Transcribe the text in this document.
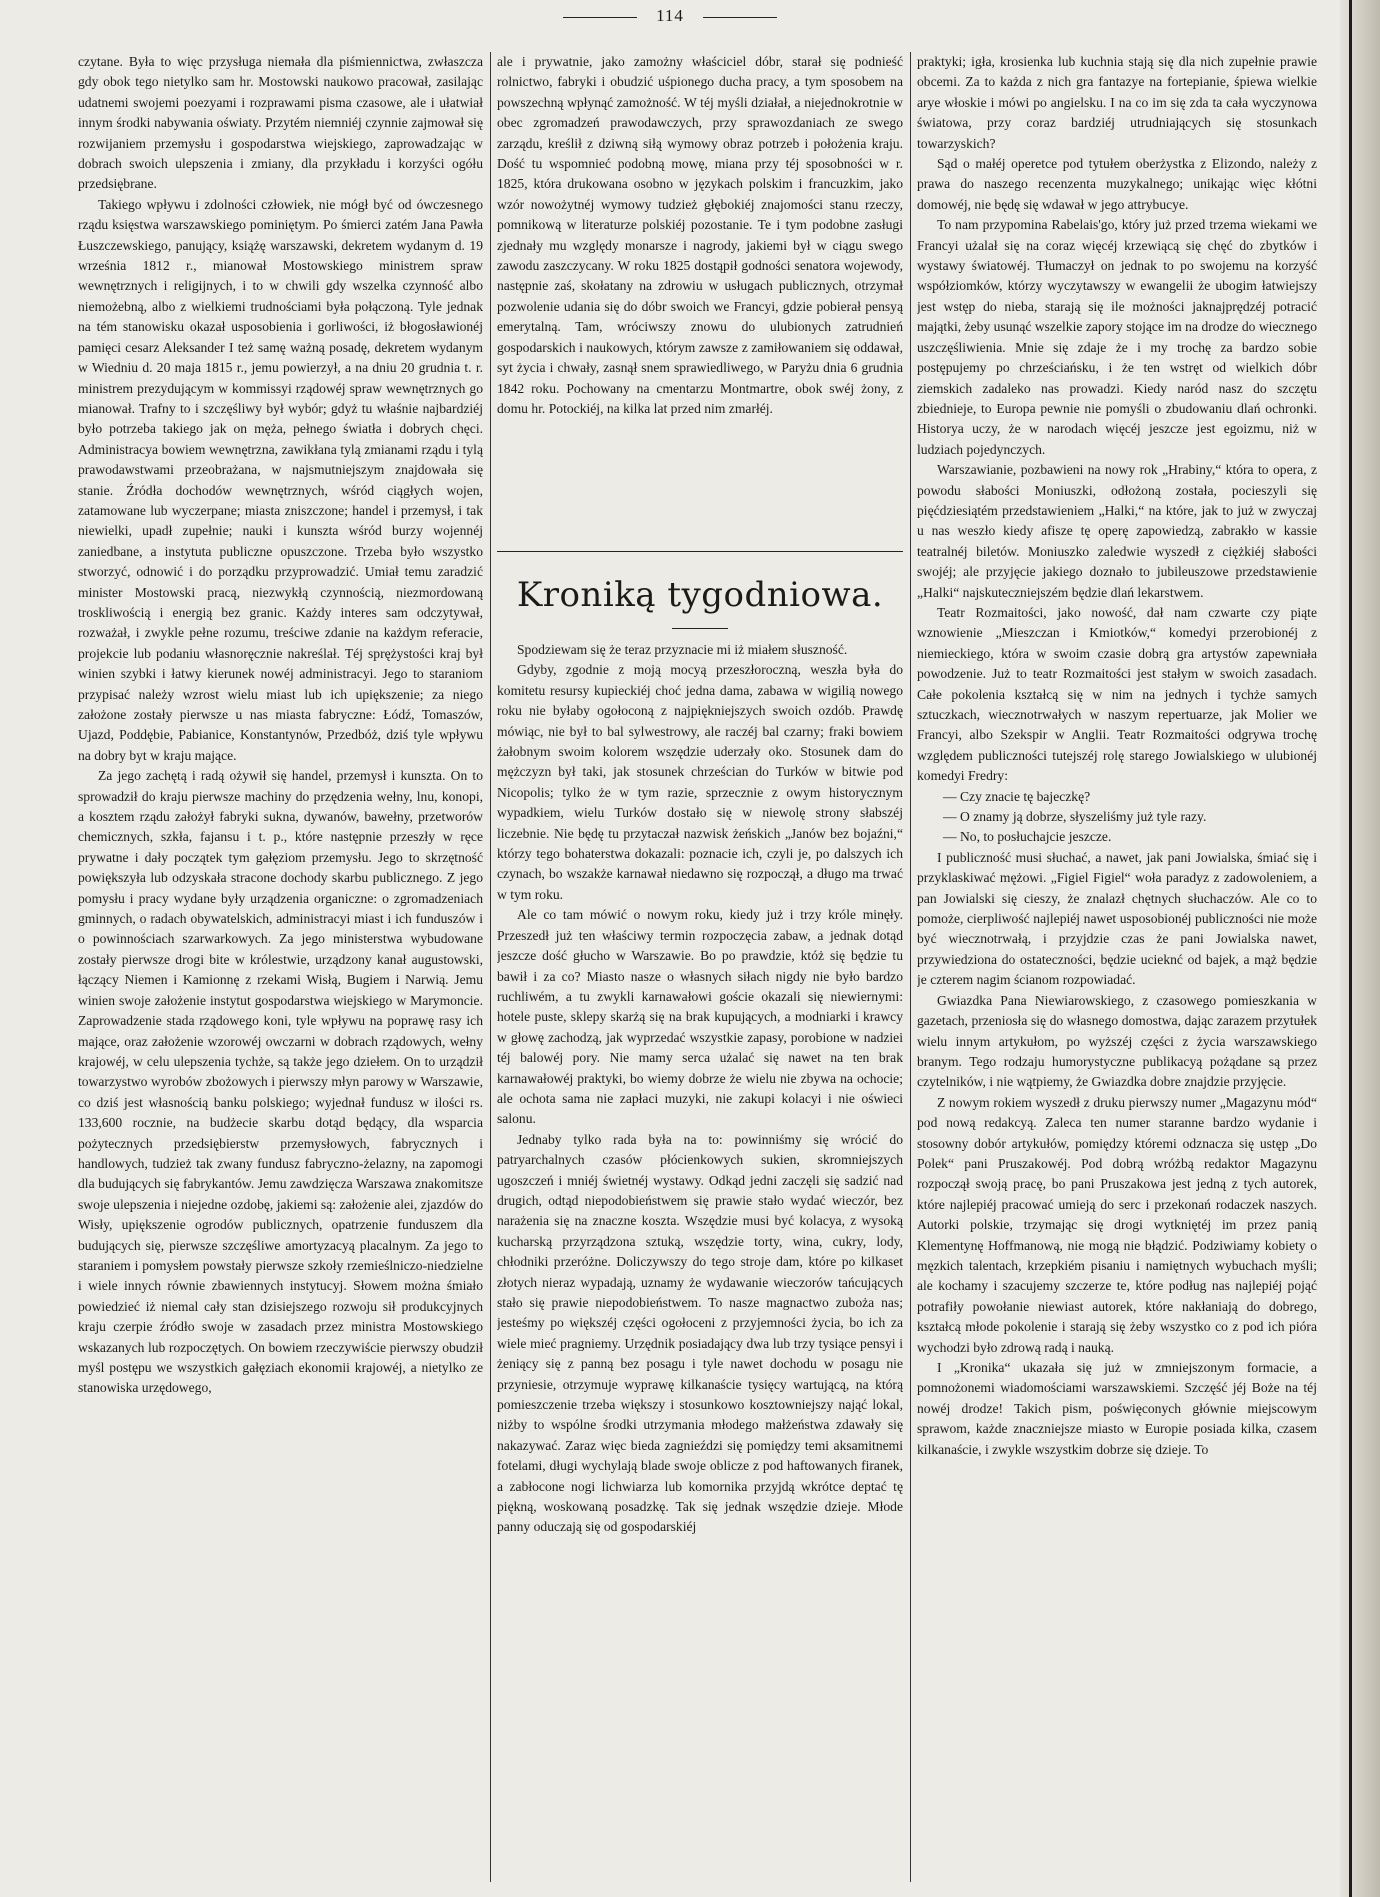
114

czytane. Była to więc przysługa niemała dla piśmiennictwa, zwłaszcza gdy obok tego nietylko sam hr. Mostowski naukowo pracował, zasilając udatnemi swojemi poezyami i rozprawami pisma czasowe, ale i ułatwiał innym środki nabywania oświaty. Przytém niemniéj czynnie zajmował się rozwijaniem przemysłu i gospodarstwa wiejskiego, zaprowadzając w dobrach swoich ulepszenia i zmiany, dla przykładu i korzyści ogółu przedsiębrane.

Takiego wpływu i zdolności człowiek, nie mógł być od ówczesnego rządu księstwa warszawskiego pominiętym. Po śmierci zatém Jana Pawła Łuszczewskiego, panujący, książę warszawski, dekretem wydanym d. 19 września 1812 r., mianował Mostowskiego ministrem spraw wewnętrznych i religijnych, i to w chwili gdy wszelka czynność albo niemożebną, albo z wielkiemi trudnościami była połączoną. Tyle jednak na tém stanowisku okazał usposobienia i gorliwości, iż błogosławionéj pamięci cesarz Aleksander I też samę ważną posadę, dekretem wydanym w Wiedniu d. 20 maja 1815 r., jemu powierzył, a na dniu 20 grudnia t. r. ministrem prezydującym w kommissyi rządowéj spraw wewnętrznych go mianował. Trafny to i szczęśliwy był wybór; gdyż tu właśnie najbardziéj było potrzeba takiego jak on męża, pełnego światła i dobrych chęci. Administracya bowiem wewnętrzna, zawikłana tylą zmianami rządu i tylą prawodawstwami przeobrażana, w najsmutniejszym znajdowała się stanie. Źródła dochodów wewnętrznych, wśród ciągłych wojen, zatamowane lub wyczerpane; miasta zniszczone; handel i przemysł, i tak niewielki, upadł zupełnie; nauki i kunszta wśród burzy wojennéj zaniedbane, a instytuta publiczne opuszczone. Trzeba było wszystko stworzyć, odnowić i do porządku przyprowadzić. Umiał temu zaradzić minister Mostowski pracą, niezwykłą czynnością, niezmordowaną troskliwością i energią bez granic. Każdy interes sam odczytywał, rozważał, i zwykle pełne rozumu, treściwe zdanie na każdym referacie, projekcie lub podaniu własnoręcznie nakreślał. Téj sprężystości kraj był winien szybki i łatwy kierunek nowéj administracyi. Jego to staraniom przypisać należy wzrost wielu miast lub ich upiększenie; za niego założone zostały pierwsze u nas miasta fabryczne: Łódź, Tomaszów, Ujazd, Poddębie, Pabianice, Konstantynów, Przedbóż, dziś tyle wpływu na dobry byt w kraju mające.

Za jego zachętą i radą ożywił się handel, przemysł i kunszta. On to sprowadził do kraju pierwsze machiny do przędzenia wełny, lnu, konopi, a kosztem rządu założył fabryki sukna, dywanów, bawełny, przetworów chemicznych, szkła, fajansu i t. p., które następnie przeszły w ręce prywatne i dały początek tym gałęziom przemysłu. Jego to skrzętność powiększyła lub odzyskała stracone dochody skarbu publicznego. Z jego pomysłu i pracy wydane były urządzenia organiczne: o zgromadzeniach gminnych, o radach obywatelskich, administracyi miast i ich funduszów i o powinnościach szarwarkowych. Za jego ministerstwa wybudowane zostały pierwsze drogi bite w królestwie, urządzony kanał augustowski, łączący Niemen i Kamionnę z rzekami Wisłą, Bugiem i Narwią. Jemu winien swoje założenie instytut gospodarstwa wiejskiego w Marymoncie. Zaprowadzenie stada rządowego koni, tyle wpływu na poprawę rasy ich mające, oraz założenie wzorowéj owczarni w dobrach rządowych, wełny krajowéj, w celu ulepszenia tychże, są także jego dziełem. On to urządził towarzystwo wyrobów zbożowych i pierwszy młyn parowy w Warszawie, co dziś jest własnością banku polskiego; wyjednał fundusz w ilości rs. 133,600 rocznie, na budżecie skarbu dotąd będący, dla wsparcia pożytecznych przedsiębierstw przemysłowych, fabrycznych i handlowych, tudzież tak zwany fundusz fabryczno-żelazny, na zapomogi dla budujących się fabrykantów. Jemu zawdzięcza Warszawa znakomitsze swoje ulepszenia i niejedne ozdobę, jakiemi są: założenie alei, zjazdów do Wisły, upiększenie ogrodów publicznych, opatrzenie funduszem dla budujących się, pierwsze szczęśliwe amortyzacyą placalnym. Za jego to staraniem i pomysłem powstały pierwsze szkoły rzemieślniczo-niedzielne i wiele innych równie zbawiennych instytucyj. Słowem można śmiało powiedzieć iż niemal cały stan dzisiejszego rozwoju sił produkcyjnych kraju czerpie źródło swoje w zasadach przez ministra Mostowskiego wskazanych lub rozpoczętych. On bowiem rzeczywiście pierwszy obudził myśl postępu we wszystkich gałęziach ekonomii krajowéj, a nietylko ze stanowiska urzędowego,

ale i prywatnie, jako zamożny właściciel dóbr, starał się podnieść rolnictwo, fabryki i obudzić uśpionego ducha pracy, a tym sposobem na powszechną wpłynąć zamożność. W téj myśli działał, a niejednokrotnie w obec zgromadzeń prawodawczych, przy sprawozdaniach ze swego zarządu, kreślił z dziwną siłą wymowy obraz potrzeb i położenia kraju. Dość tu wspomnieć podobną mowę, miana przy téj sposobności w r. 1825, która drukowana osobno w językach polskim i francuzkim, jako wzór nowożytnéj wymowy tudzież głębokiéj znajomości stanu rzeczy, pomnikową w literaturze polskiéj pozostanie. Te i tym podobne zasługi zjednały mu względy monarsze i nagrody, jakiemi był w ciągu swego zawodu zaszczycany. W roku 1825 dostąpił godności senatora wojewody, następnie zaś, skołatany na zdrowiu w usługach publicznych, otrzymał pozwolenie udania się do dóbr swoich we Francyi, gdzie pobierał pensyą emerytalną. Tam, wróciwszy znowu do ulubionych zatrudnień gospodarskich i naukowych, którym zawsze z zamiłowaniem się oddawał, syt życia i chwały, zasnął snem sprawiedliwego, w Paryżu dnia 6 grudnia 1842 roku. Pochowany na cmentarzu Montmartre, obok swéj żony, z domu hr. Potockiéj, na kilka lat przed nim zmarłéj.

Kroniką tygodniowa.

Spodziewam się że teraz przyznacie mi iż miałem słuszność.

Gdyby, zgodnie z moją mocyą przeszłoroczną, weszła była do komitetu resursy kupieckiéj choć jedna dama, zabawa w wigilią nowego roku nie byłaby ogołoconą z najpiękniejszych swoich ozdób. Prawdę mówiąc, nie był to bal sylwestrowy, ale raczéj bal czarny; fraki bowiem żałobnym swoim kolorem wszędzie uderzały oko. Stosunek dam do mężczyzn był taki, jak stosunek chrześcian do Turków w bitwie pod Nicopolis; tylko że w tym razie, sprzecznie z owym historycznym wypadkiem, wielu Turków dostało się w niewolę strony słabszéj liczebnie. Nie będę tu przytaczał nazwisk żeńskich „Janów bez bojaźni,“ którzy tego bohaterstwa dokazali: poznacie ich, czyli je, po dalszych ich czynach, bo wszakże karnawał niedawno się rozpoczął, a długo ma trwać w tym roku.

Ale co tam mówić o nowym roku, kiedy już i trzy króle minęły. Przeszedł już ten właściwy termin rozpoczęcia zabaw, a jednak dotąd jeszcze dość głucho w Warszawie. Bo po prawdzie, któż się będzie tu bawił i za co? Miasto nasze o własnych siłach nigdy nie było bardzo ruchliwém, a tu zwykli karnawałowi goście okazali się niewiernymi: hotele puste, sklepy skarżą się na brak kupujących, a modniarki i krawcy w głowę zachodzą, jak wyprzedać wszystkie zapasy, porobione w nadziei téj balowéj pory. Nie mamy serca użalać się nawet na ten brak karnawałowéj praktyki, bo wiemy dobrze że wielu nie zbywa na ochocie; ale ochota sama nie zapłaci muzyki, nie zakupi kolacyi i nie oświeci salonu.

Jednaby tylko rada była na to: powinniśmy się wrócić do patryarchalnych czasów płócienkowych sukien, skromniejszych ugoszczeń i mniéj świetnéj wystawy. Odkąd jedni zaczęli się sadzić nad drugich, odtąd niepodobieństwem się prawie stało wydać wieczór, bez narażenia się na znaczne koszta. Wszędzie musi być kolacya, z wysoką kucharską przyrządzona sztuką, wszędzie torty, wina, cukry, lody, chłodniki przeróżne. Doliczywszy do tego stroje dam, które po kilkaset złotych nieraz wypadają, uznamy że wydawanie wieczorów tańcujących stało się prawie niepodobieństwem. To nasze magnactwo zuboża nas; jesteśmy po większéj części ogołoceni z przyjemności życia, bo ich za wiele mieć pragniemy. Urzędnik posiadający dwa lub trzy tysiące pensyi i żeniący się z panną bez posagu i tyle nawet dochodu w posagu nie przyniesie, otrzymuje wyprawę kilkanaście tysięcy wartującą, na którą pomieszczenie trzeba większy i stosunkowo kosztowniejszy nająć lokal, niżby to wspólne środki utrzymania młodego małżeństwa zdawały się nakazywać. Zaraz więc bieda zagnieździ się pomiędzy temi aksamitnemi fotelami, długi wychylają blade swoje oblicze z pod haftowanych firanek, a zabłocone nogi lichwiarza lub komornika przyjdą wkrótce deptać tę piękną, woskowaną posadzkę. Tak się jednak wszędzie dzieje. Młode panny oduczają się od gospodarskiéj

praktyki; igła, krosienka lub kuchnia stają się dla nich zupełnie prawie obcemi. Za to każda z nich gra fantazye na fortepianie, śpiewa wielkie arye włoskie i mówi po angielsku. I na co im się zda ta cała wyczynowa światowa, przy coraz bardziéj utrudniających się stosunkach towarzyskich?

Sąd o małéj operetce pod tytułem oberżystka z Elizondo, należy z prawa do naszego recenzenta muzykalnego; unikając więc kłótni domowéj, nie będę się wdawał w jego attrybucye.

To nam przypomina Rabelais'go, który już przed trzema wiekami we Francyi użalał się na coraz więcéj krzewiącą się chęć do zbytków i wystawy światowéj. Tłumaczył on jednak to po swojemu na korzyść współziomków, którzy wyczytawszy w ewangelii że ubogim łatwiejszy jest wstęp do nieba, starają się ile możności jaknajprędzéj potracić majątki, żeby usunąć wszelkie zapory stojące im na drodze do wiecznego uszczęśliwienia. Mnie się zdaje że i my trochę za bardzo sobie postępujemy po chrześciańsku, i że ten wstręt od wielkich dóbr ziemskich zadaleko nas prowadzi. Kiedy naród nasz do szczętu zbiednieje, to Europa pewnie nie pomyśli o zbudowaniu dlań ochronki. Historya uczy, że w narodach więcéj jeszcze jest egoizmu, niż w ludziach pojedynczych.

Warszawianie, pozbawieni na nowy rok „Hrabiny,“ która to opera, z powodu słabości Moniuszki, odłożoną została, pocieszyli się pięćdziesiątém przedstawieniem „Halki,“ na które, jak to już w zwyczaj u nas weszło kiedy afisze tę operę zapowiedzą, zabrakło w kassie teatralnéj biletów. Moniuszko zaledwie wyszedł z ciężkiéj słabości swojéj; ale przyjęcie jakiego doznało to jubileuszowe przedstawienie „Halki“ najskuteczniejszém będzie dlań lekarstwem.

Teatr Rozmaitości, jako nowość, dał nam czwarte czy piąte wznowienie „Mieszczan i Kmiotków,“ komedyi przerobionéj z niemieckiego, która w swoim czasie dobrą gra artystów zapewniała powodzenie. Już to teatr Rozmaitości jest stałym w swoich zasadach. Całe pokolenia kształcą się w nim na jednych i tychże samych sztuczkach, wiecznotrwałych w naszym repertuarze, jak Molier we Francyi, albo Szekspir w Anglii. Teatr Rozmaitości odgrywa trochę względem publiczności tutejszéj rolę starego Jowialskiego w ulubionéj komedyi Fredry:

— Czy znacie tę bajeczkę?

— O znamy ją dobrze, słyszeliśmy już tyle razy.

— No, to posłuchajcie jeszcze.

I publiczność musi słuchać, a nawet, jak pani Jowialska, śmiać się i przyklaskiwać mężowi. „Figiel Figiel“ woła paradyz z zadowoleniem, a pan Jowialski się cieszy, że znalazł chętnych słuchaczów. Ale co to pomoże, cierpliwość najlepiéj nawet usposobionéj publiczności nie może być wiecznotrwałą, i przyjdzie czas że pani Jowialska nawet, przywiedziona do ostateczności, będzie ucieknć od bajek, a mąż będzie je czterem nagim ścianom rozpowiadać.

Gwiazdka Pana Niewiarowskiego, z czasowego pomieszkania w gazetach, przeniosła się do własnego domostwa, dając zarazem przytułek wielu innym artykułom, po wyższéj części z życia warszawskiego branym. Tego rodzaju humorystyczne publikacyą pożądane są przez czytelników, i nie wątpiemy, że Gwiazdka dobre znajdzie przyjęcie.

Z nowym rokiem wyszedł z druku pierwszy numer „Magazynu mód“ pod nową redakcyą. Zaleca ten numer staranne bardzo wydanie i stosowny dobór artykułów, pomiędzy któremi odznacza się ustęp „Do Polek“ pani Pruszakowéj. Pod dobrą wróżbą redaktor Magazynu rozpoczął swoją pracę, bo pani Pruszakowa jest jedną z tych autorek, które najlepiéj pracować umieją do serc i przekonań rodaczek naszych. Autorki polskie, trzymając się drogi wytkniętéj im przez panią Klementynę Hoffmanową, nie mogą nie błądzić. Podziwiamy kobiety o męzkich talentach, krzepkiém pisaniu i namiętnych wybuchach myśli; ale kochamy i szacujemy szczerze te, które podług nas najlepiéj pojąć potrafiły powołanie niewiast autorek, które nakłaniają do dobrego, kształcą młode pokolenie i starają się żeby wszystko co z pod ich pióra wychodzi było zdrową radą i nauką.

I „Kronika“ ukazała się już w zmniejszonym formacie, a pomnożonemi wiadomościami warszawskiemi. Szczęść jéj Boże na téj nowéj drodze! Takich pism, poświęconych głównie miejscowym sprawom, każde znaczniejsze miasto w Europie posiada kilka, czasem kilkanaście, i zwykle wszystkim dobrze się dzieje. To
